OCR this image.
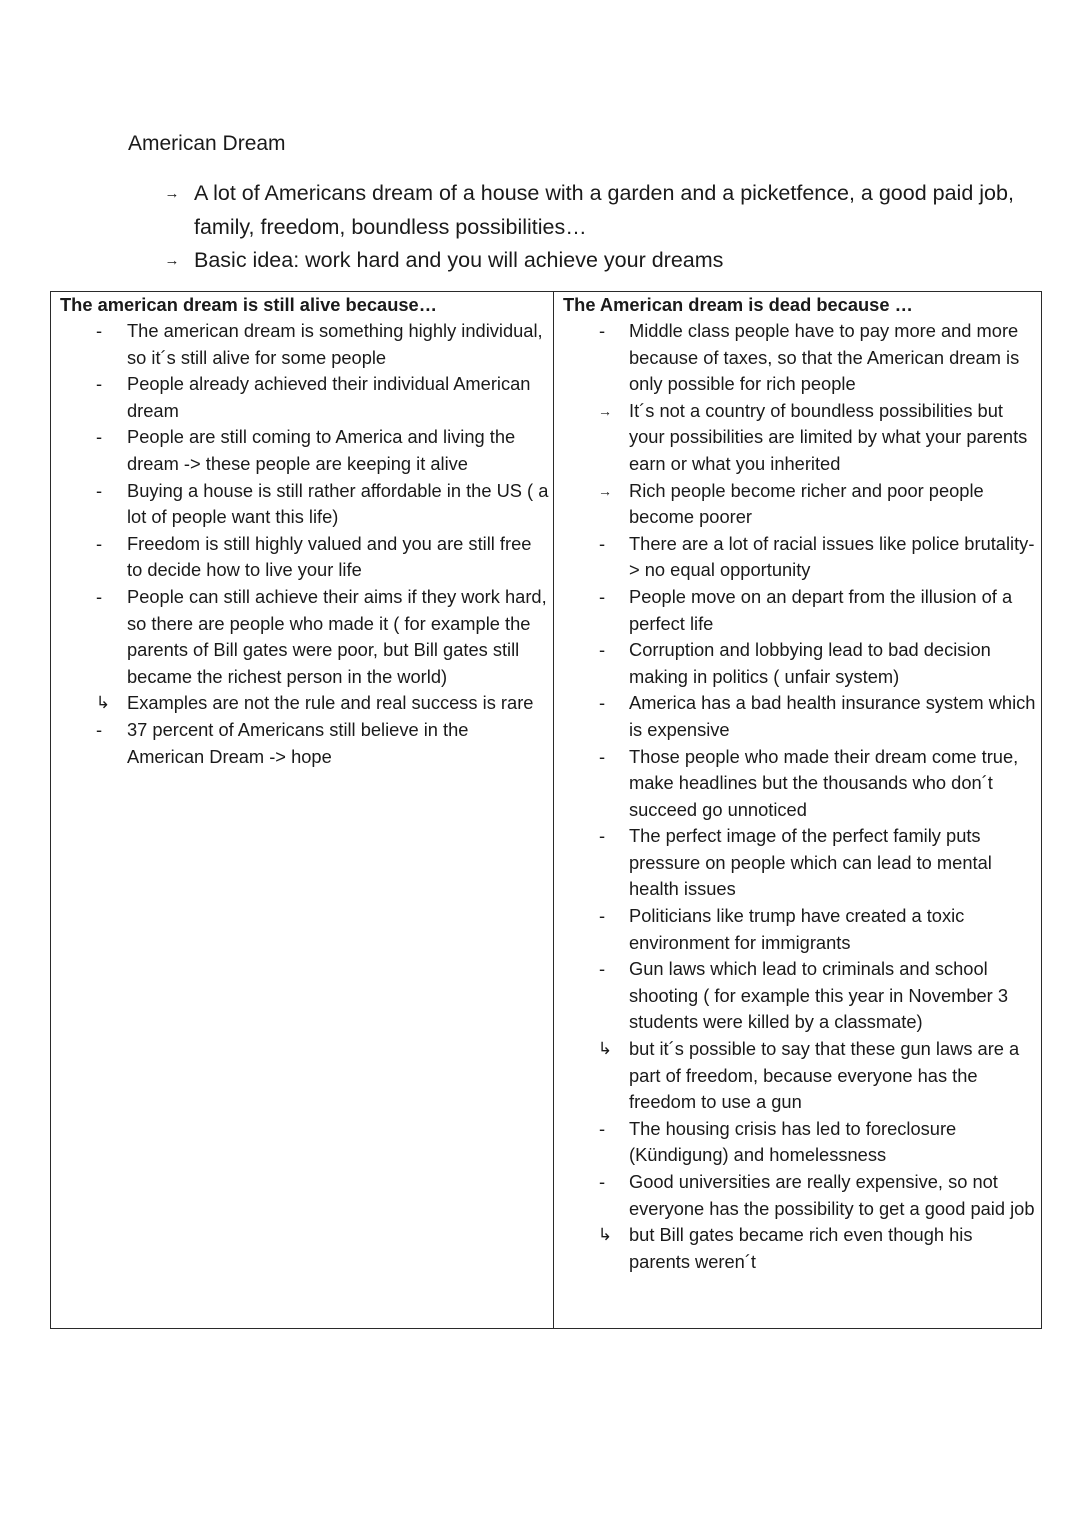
American Dream
→ A lot of Americans dream of a house with a garden and a picketfence, a good paid job, family, freedom, boundless possibilities…
→ Basic idea: work hard and you will achieve your dreams

The american dream is still alive because…

- The american dream is something highly individual, so it´s still alive for some people
- People already achieved their individual American dream
- People are still coming to America and living the dream -> these people are keeping it alive
- Buying a house is still rather affordable in the US ( a lot of people want this life)
- Freedom is still highly valued and you are still free to decide how to live your life
- People can still achieve their aims if they work hard, so there are people who made it ( for example the parents of Bill gates were poor, but Bill gates still became the richest person in the world)
↳ Examples are not the rule and real success is rare
- 37 percent of Americans still believe in the American Dream -> hope

The American dream is dead because …

- Middle class people have to pay more and more because of taxes, so that the American dream is only possible for rich people
→ It´s not a country of boundless possibilities but your possibilities are limited by what your parents earn or what you inherited
→ Rich people become richer and poor people become poorer
- There are a lot of racial issues like police brutality-> no equal opportunity
- People move on an depart from the illusion of a perfect life
- Corruption and lobbying lead to bad decision making in politics ( unfair system)
- America has a bad health insurance system which is expensive
- Those people who made their dream come true, make headlines but the thousands who don´t succeed go unnoticed
- The perfect image of the perfect family puts pressure on people which can lead to mental health issues
- Politicians like trump have created a toxic environment for immigrants
- Gun laws which lead to criminals and school shooting ( for example this year in November 3 students were killed by a classmate)
↳ but it´s possible to say that these gun laws are a part of freedom, because everyone has the freedom to use a gun
- The housing crisis has led to foreclosure (Kündigung) and homelessness
- Good universities are really expensive, so not everyone has the possibility to get a good paid job
↳ but Bill gates became rich even though his parents weren´t
